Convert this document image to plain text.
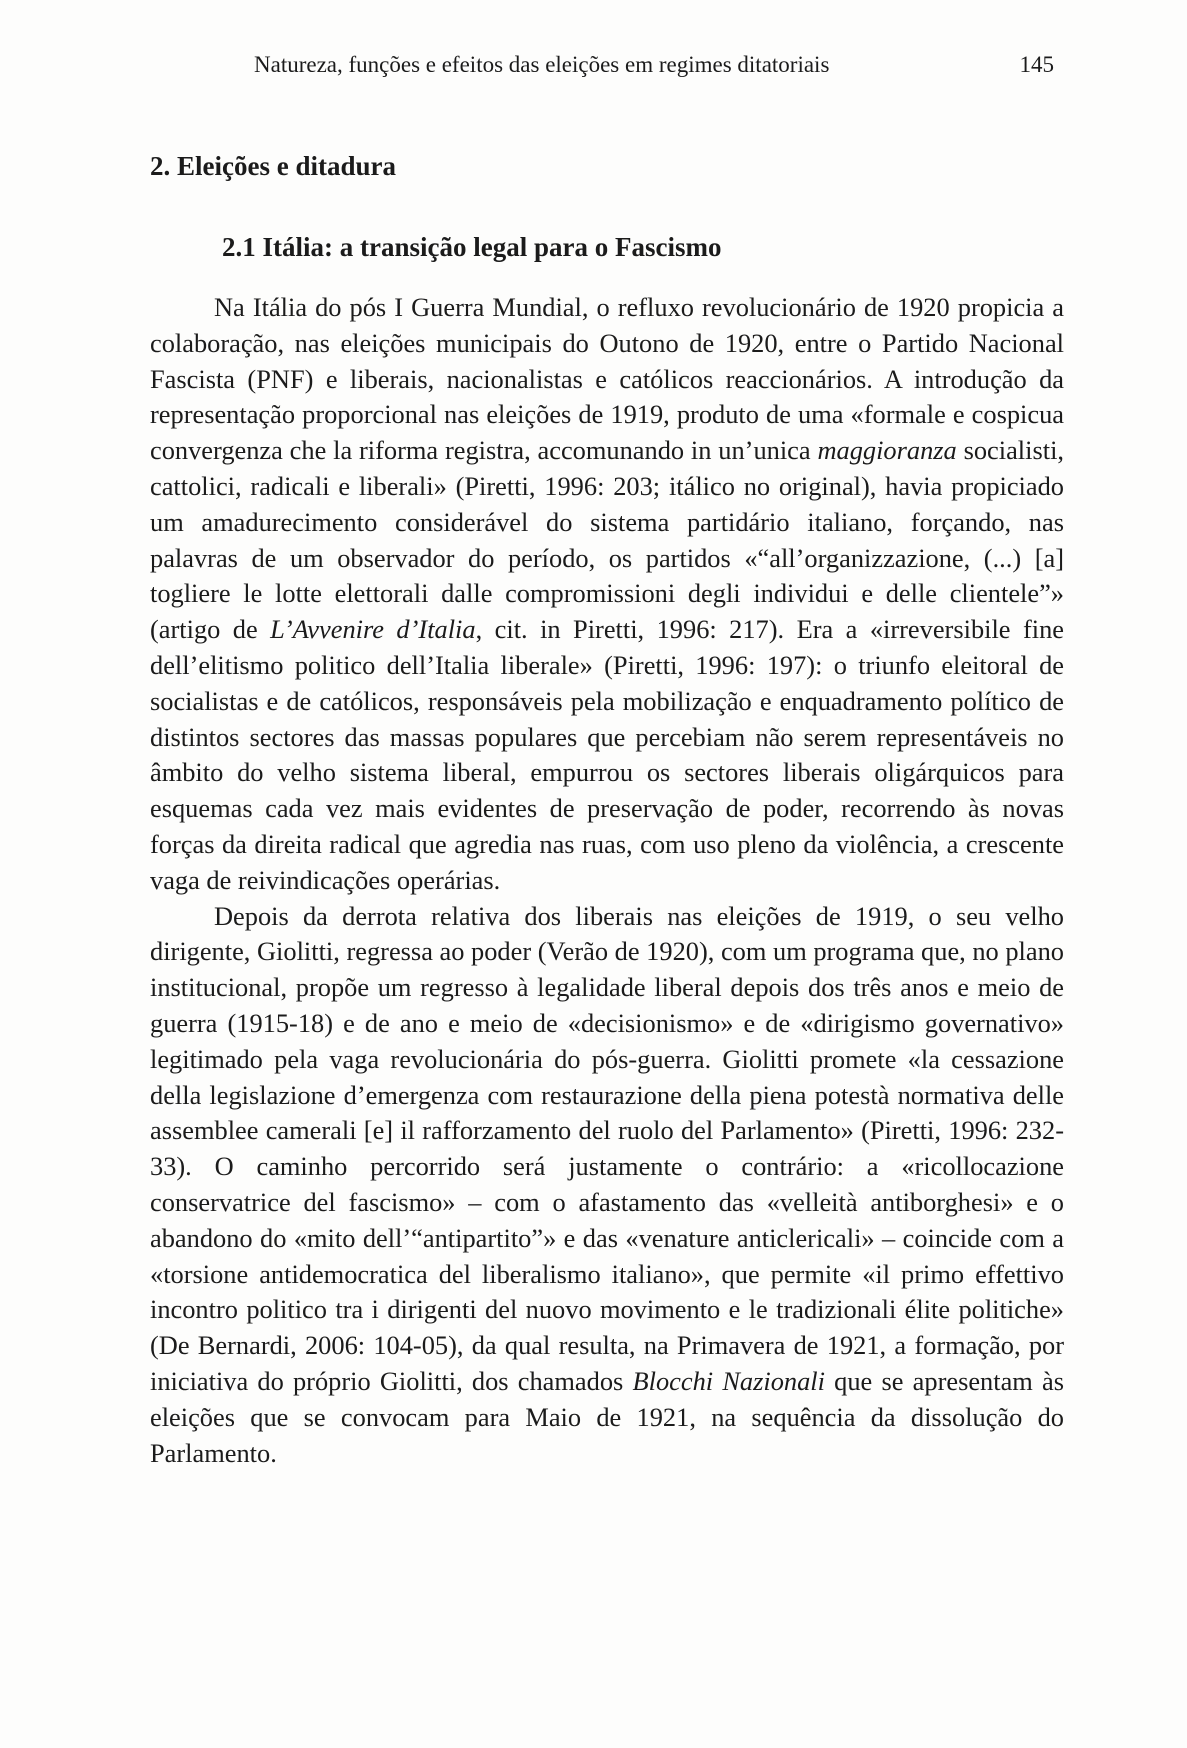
Natureza, funções e efeitos das eleições em regimes ditatoriais	145
2. Eleições e ditadura
2.1 Itália: a transição legal para o Fascismo

Na Itália do pós I Guerra Mundial, o refluxo revolucionário de 1920 propicia a colaboração, nas eleições municipais do Outono de 1920, entre o Partido Nacional Fascista (PNF) e liberais, nacionalistas e católicos reaccionários. A introdução da representação proporcional nas eleições de 1919, produto de uma «formale e cospicua convergenza che la riforma registra, accomunando in un’unica maggioranza socialisti, cattolici, radicali e liberali» (Piretti, 1996: 203; itálico no original), havia propiciado um amadurecimento considerável do sistema partidário italiano, forçando, nas palavras de um observador do período, os partidos «“all’organizzazione, (...) [a] togliere le lotte elettorali dalle compromissioni degli individui e delle clientele”» (artigo de L’Avvenire d’Italia, cit. in Piretti, 1996: 217). Era a «irreversibile fine dell’elitismo politico dell’Italia liberale» (Piretti, 1996: 197): o triunfo eleitoral de socialistas e de católicos, responsáveis pela mobilização e enquadramento político de distintos sectores das massas populares que percebiam não serem representáveis no âmbito do velho sistema liberal, empurrou os sectores liberais oligárquicos para esquemas cada vez mais evidentes de preservação de poder, recorrendo às novas forças da direita radical que agredia nas ruas, com uso pleno da violência, a crescente vaga de reivindicações operárias.

Depois da derrota relativa dos liberais nas eleições de 1919, o seu velho dirigente, Giolitti, regressa ao poder (Verão de 1920), com um programa que, no plano institucional, propõe um regresso à legalidade liberal depois dos três anos e meio de guerra (1915-18) e de ano e meio de «decisionismo» e de «dirigismo governativo» legitimado pela vaga revolucionária do pós-guerra. Giolitti promete «la cessazione della legislazione d’emergenza com restaurazione della piena potestà normativa delle assemblee camerali [e] il rafforzamento del ruolo del Parlamento» (Piretti, 1996: 232-33). O caminho percorrido será justamente o contrário: a «ricollocazione conservatrice del fascismo» – com o afastamento das «velleità antiborghesi» e o abandono do «mito dell’“antipartito”» e das «venature anticlericali» – coincide com a «torsione antidemocratica del liberalismo italiano», que permite «il primo effettivo incontro politico tra i dirigenti del nuovo movimento e le tradizionali élite politiche» (De Bernardi, 2006: 104-05), da qual resulta, na Primavera de 1921, a formação, por iniciativa do próprio Giolitti, dos chamados Blocchi Nazionali que se apresentam às eleições que se convocam para Maio de 1921, na sequência da dissolução do Parlamento.
